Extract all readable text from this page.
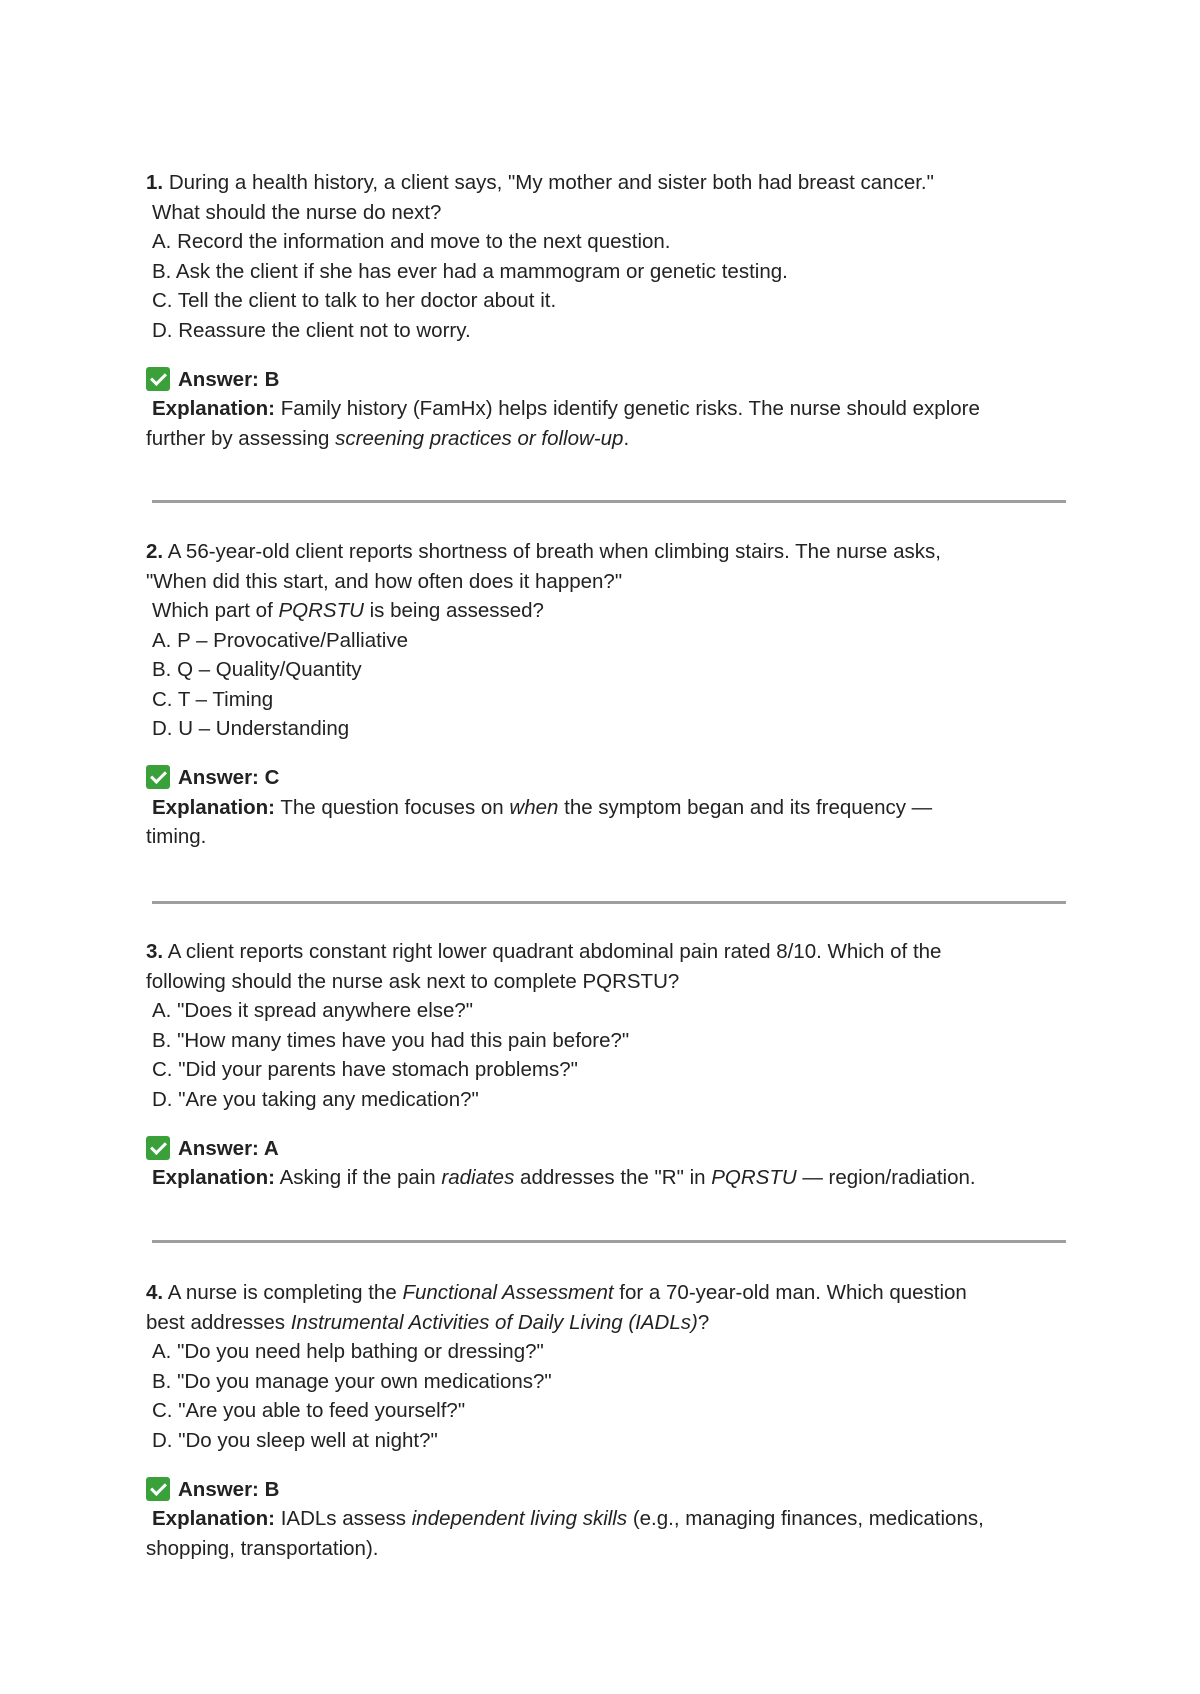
1. During a health history, a client says, "My mother and sister both had breast cancer."
What should the nurse do next?
A. Record the information and move to the next question.
B. Ask the client if she has ever had a mammogram or genetic testing.
C. Tell the client to talk to her doctor about it.
D. Reassure the client not to worry.
Answer: B
Explanation: Family history (FamHx) helps identify genetic risks. The nurse should explore
further by assessing screening practices or follow-up.
2. A 56-year-old client reports shortness of breath when climbing stairs. The nurse asks,
"When did this start, and how often does it happen?"
Which part of PQRSTU is being assessed?
A. P – Provocative/Palliative
B. Q – Quality/Quantity
C. T – Timing
D. U – Understanding
Answer: C
Explanation: The question focuses on when the symptom began and its frequency —
timing.
3. A client reports constant right lower quadrant abdominal pain rated 8/10. Which of the
following should the nurse ask next to complete PQRSTU?
A. "Does it spread anywhere else?"
B. "How many times have you had this pain before?"
C. "Did your parents have stomach problems?"
D. "Are you taking any medication?"
Answer: A
Explanation: Asking if the pain radiates addresses the "R" in PQRSTU — region/radiation.
4. A nurse is completing the Functional Assessment for a 70-year-old man. Which question
best addresses Instrumental Activities of Daily Living (IADLs)?
A. "Do you need help bathing or dressing?"
B. "Do you manage your own medications?"
C. "Are you able to feed yourself?"
D. "Do you sleep well at night?"
Answer: B
Explanation: IADLs assess independent living skills (e.g., managing finances, medications,
shopping, transportation).
